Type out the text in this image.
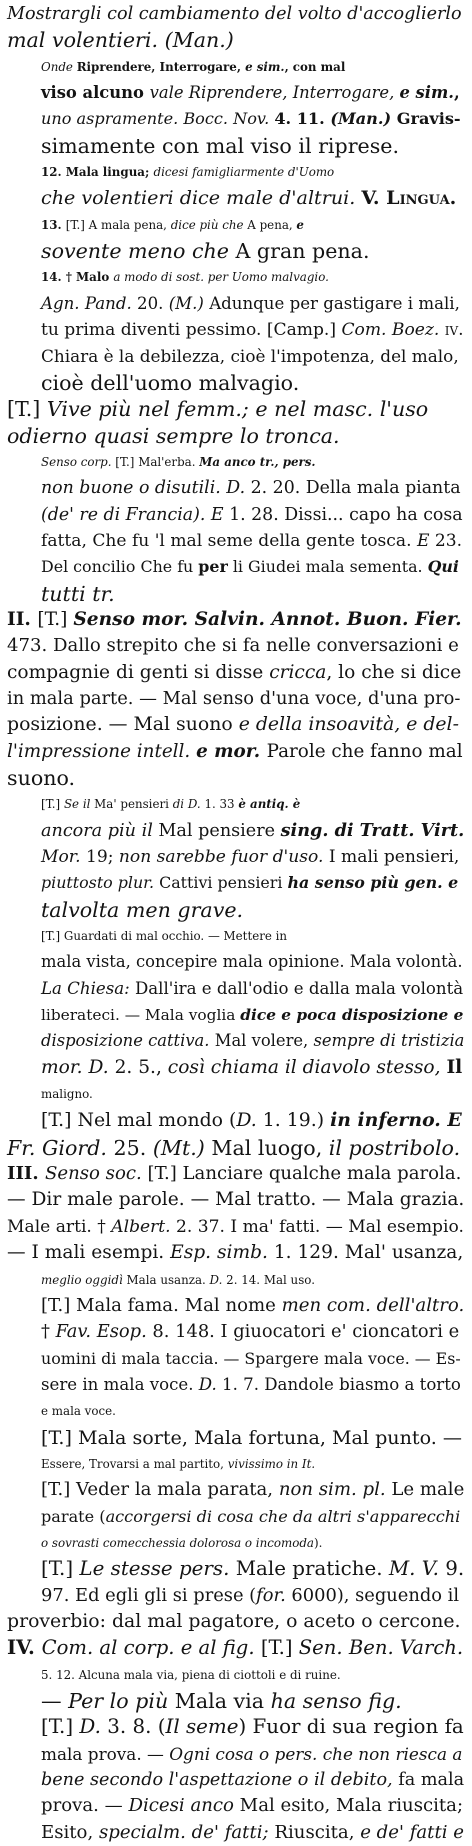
Mostrargli col cambiamento del volto d'accoglierlo
mal volentieri. (Man.)
Onde Riprendere, Interrogare, e sim., con mal
viso alcuno vale Riprendere, Interrogare, e sim.,
uno aspramente. Bocc. Nov. 4. 11. (Man.) Gravis-
simamente con mal viso il riprese.
12. Mala lingua; dicesi famigliarmente d'Uomo
che volentieri dice male d'altrui. V. Lingua.
13. [T.] A mala pena, dice più che A pena, e
sovente meno che A gran pena.
14. † Malo a modo di sost. per Uomo malvagio.
Agn. Pand. 20. (M.) Adunque per gastigare i mali,
tu prima diventi pessimo. [Camp.] Com. Boez. iv.
Chiara è la debilezza, cioè l'impotenza, del malo,
cioè dell'uomo malvagio.
[T.] Vive più nel femm.; e nel masc. l'uso
odierno quasi sempre lo tronca.
Senso corp. [T.] Mal'erba. Ma anco tr., pers.
non buone o disutili. D. 2. 20. Della mala pianta
(de' re di Francia). E 1. 28. Dissi... capo ha cosa
fatta, Che fu 'l mal seme della gente tosca. E 23.
Del concilio Che fu per li Giudei mala sementa. Qui
tutti tr.
II. [T.] Senso mor. Salvin. Annot. Buon. Fier.
473. Dallo strepito che si fa nelle conversazioni e
compagnie di genti si disse cricca, lo che si dice
in mala parte. — Mal senso d'una voce, d'una pro-
posizione. — Mal suono e della insoavità, e del-
l'impressione intell. e mor. Parole che fanno mal
suono.
[T.] Se il Ma' pensieri di D. 1. 33 è antiq. è
ancora più il Mal pensiere sing. di Tratt. Virt.
Mor. 19; non sarebbe fuor d'uso. I mali pensieri,
piuttosto plur. Cattivi pensieri ha senso più gen. e
talvolta men grave.
[T.] Guardati di mal occhio. — Mettere in
mala vista, concepire mala opinione. Mala volontà.
La Chiesa: Dall'ira e dall'odio e dalla mala volontà
liberateci. — Mala voglia dice e poca disposizione e
disposizione cattiva. Mal volere, sempre di tristizia
mor. D. 2. 5., così chiama il diavolo stesso, Il
maligno.
[T.] Nel mal mondo (D. 1. 19.) in inferno. E
Fr. Giord. 25. (Mt.) Mal luogo, il postribolo.
III. Senso soc. [T.] Lanciare qualche mala parola.
— Dir male parole. — Mal tratto. — Mala grazia.
Male arti. † Albert. 2. 37. I ma' fatti. — Mal esempio.
— I mali esempi. Esp. simb. 1. 129. Mal' usanza,
meglio oggidì Mala usanza. D. 2. 14. Mal uso.
[T.] Mala fama. Mal nome men com. dell'altro.
† Fav. Esop. 8. 148. I giuocatori e' cioncatori e
uomini di mala taccia. — Spargere mala voce. — Es-
sere in mala voce. D. 1. 7. Dandole biasmo a torto
e mala voce.
[T.] Mala sorte, Mala fortuna, Mal punto. —
Essere, Trovarsi a mal partito, vivissimo in It.
[T.] Veder la mala parata, non sim. pl. Le male
parate (accorgersi di cosa che da altri s'apparecchi
o sovrasti comecchessia dolorosa o incomoda).
[T.] Le stesse pers. Male pratiche. M. V. 9.
97. Ed egli gli si prese (for. 6000), seguendo il
proverbio: dal mal pagatore, o aceto o cercone.
IV. Com. al corp. e al fig. [T.] Sen. Ben. Varch.
5. 12. Alcuna mala via, piena di ciottoli e di ruine.
— Per lo più Mala via ha senso fig.
[T.] D. 3. 8. (Il seme) Fuor di sua region fa
mala prova. — Ogni cosa o pers. che non riesca a
bene secondo l'aspettazione o il debito, fa mala
prova. — Dicesi anco Mal esito, Mala riuscita;
Esito, specialm. de' fatti; Riuscita, e de' fatti e
